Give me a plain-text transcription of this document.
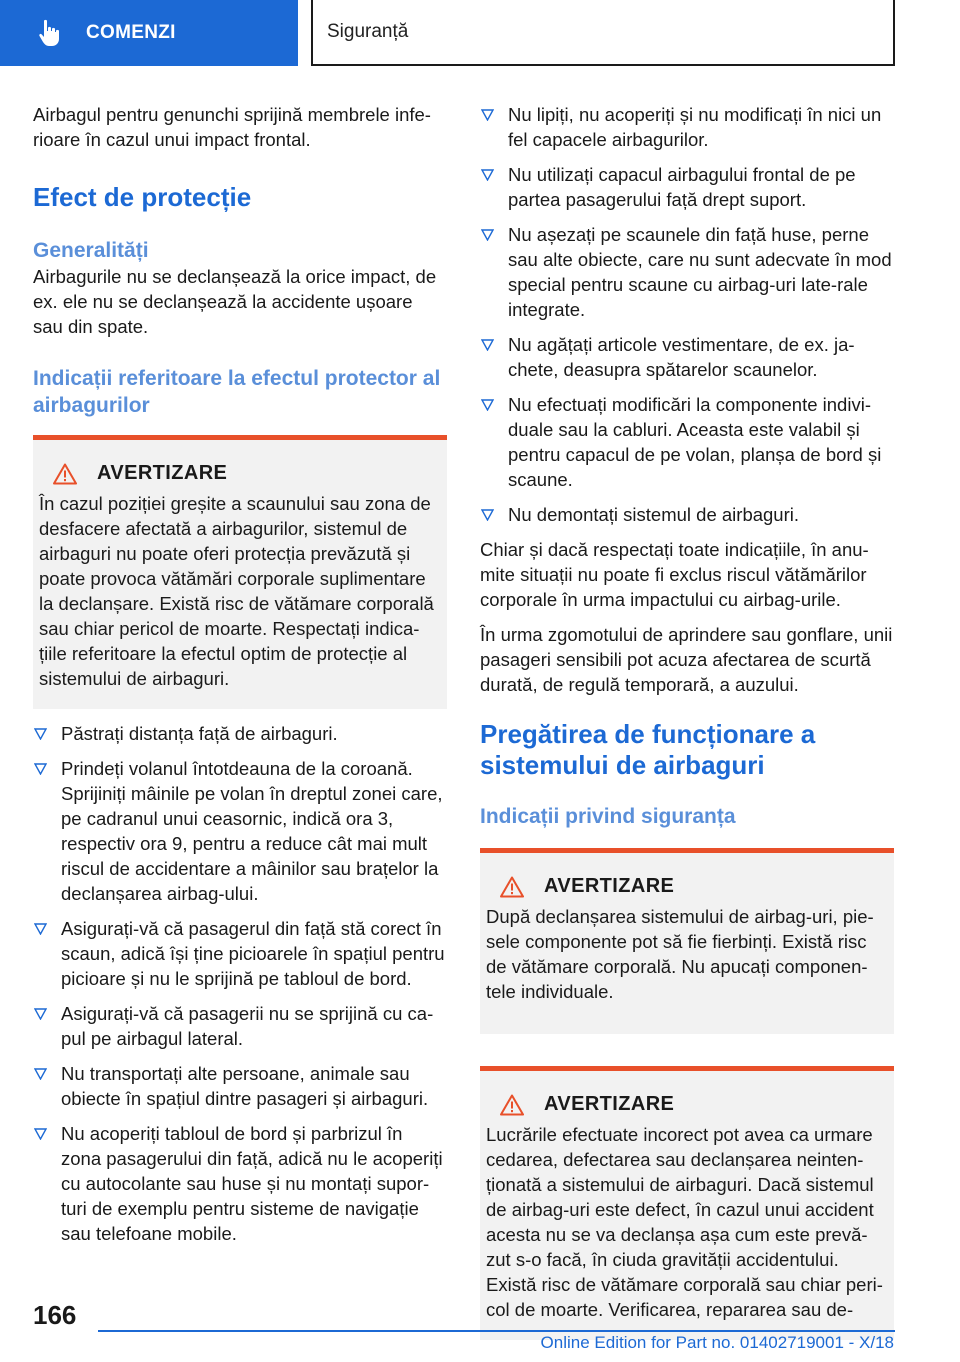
COMENZI	Siguranță

Airbagul pentru genunchi sprijină membrele infe-rioare în cazul unui impact frontal.

Efect de protecție
Generalități

Airbagurile nu se declanșează la orice impact, de ex. ele nu se declanșează la accidente ușoare sau din spate.

Indicații referitoare la efectul protector al airbagurilor
AVERTIZARE

În cazul poziției greșite a scaunului sau zona de desfacere afectată a airbagurilor, sistemul de airbaguri nu poate oferi protecția prevăzută și poate provoca vătămări corporale suplimentare la declanșare. Există risc de vătămare corporală sau chiar pericol de moarte. Respectați indica-țiile referitoare la efectul optim de protecție al sistemului de airbaguri.

Păstrați distanța față de airbaguri.
Prindeți volanul întotdeauna de la coroană. Sprijiniți mâinile pe volan în dreptul zonei care, pe cadranul unui ceasornic, indică ora 3, respectiv ora 9, pentru a reduce cât mai mult riscul de accidentare a mâinilor sau brațelor la declanșarea airbag-ului.
Asigurați-vă că pasagerul din față stă corect în scaun, adică își ține picioarele în spațiul pentru picioare și nu le sprijină pe tabloul de bord.
Asigurați-vă că pasagerii nu se sprijină cu ca-pul pe airbagul lateral.
Nu transportați alte persoane, animale sau obiecte în spațiul dintre pasageri și airbaguri.
Nu acoperiți tabloul de bord și parbrizul în zona pasagerului din față, adică nu le acoperiți cu autocolante sau huse și nu montați supor-turi de exemplu pentru sisteme de navigație sau telefoane mobile.
Nu lipiți, nu acoperiți și nu modificați în nici un fel capacele airbagurilor.
Nu utilizați capacul airbagului frontal de pe partea pasagerului față drept suport.
Nu așezați pe scaunele din față huse, perne sau alte obiecte, care nu sunt adecvate în mod special pentru scaune cu airbag-uri late-rale integrate.
Nu agățați articole vestimentare, de ex. ja-chete, deasupra spătarelor scaunelor.
Nu efectuați modificări la componente indivi-duale sau la cabluri. Aceasta este valabil și pentru capacul de pe volan, planșa de bord și scaune.
Nu demontați sistemul de airbaguri.

Chiar și dacă respectați toate indicațiile, în anu-mite situații nu poate fi exclus riscul vătămărilor corporale în urma impactului cu airbag-urile.

În urma zgomotului de aprindere sau gonflare, unii pasageri sensibili pot acuza afectarea de scurtă durată, de regulă temporară, a auzului.

Pregătirea de funcționare a sistemului de airbaguri
Indicații privind siguranța
AVERTIZARE

După declanșarea sistemului de airbag-uri, pie-sele componente pot să fie fierbinți. Există risc de vătămare corporală. Nu apucați componen-tele individuale.

AVERTIZARE

Lucrările efectuate incorect pot avea ca urmare cedarea, defectarea sau declanșarea neinten-ționată a sistemului de airbaguri. Dacă sistemul de airbag-uri este defect, în cazul unui accident acesta nu se va declanșa așa cum este prevă-zut s-o facă, în ciuda gravității accidentului. Există risc de vătămare corporală sau chiar peri-col de moarte. Verificarea, repararea sau de-

166
Online Edition for Part no. 01402719001 - X/18
